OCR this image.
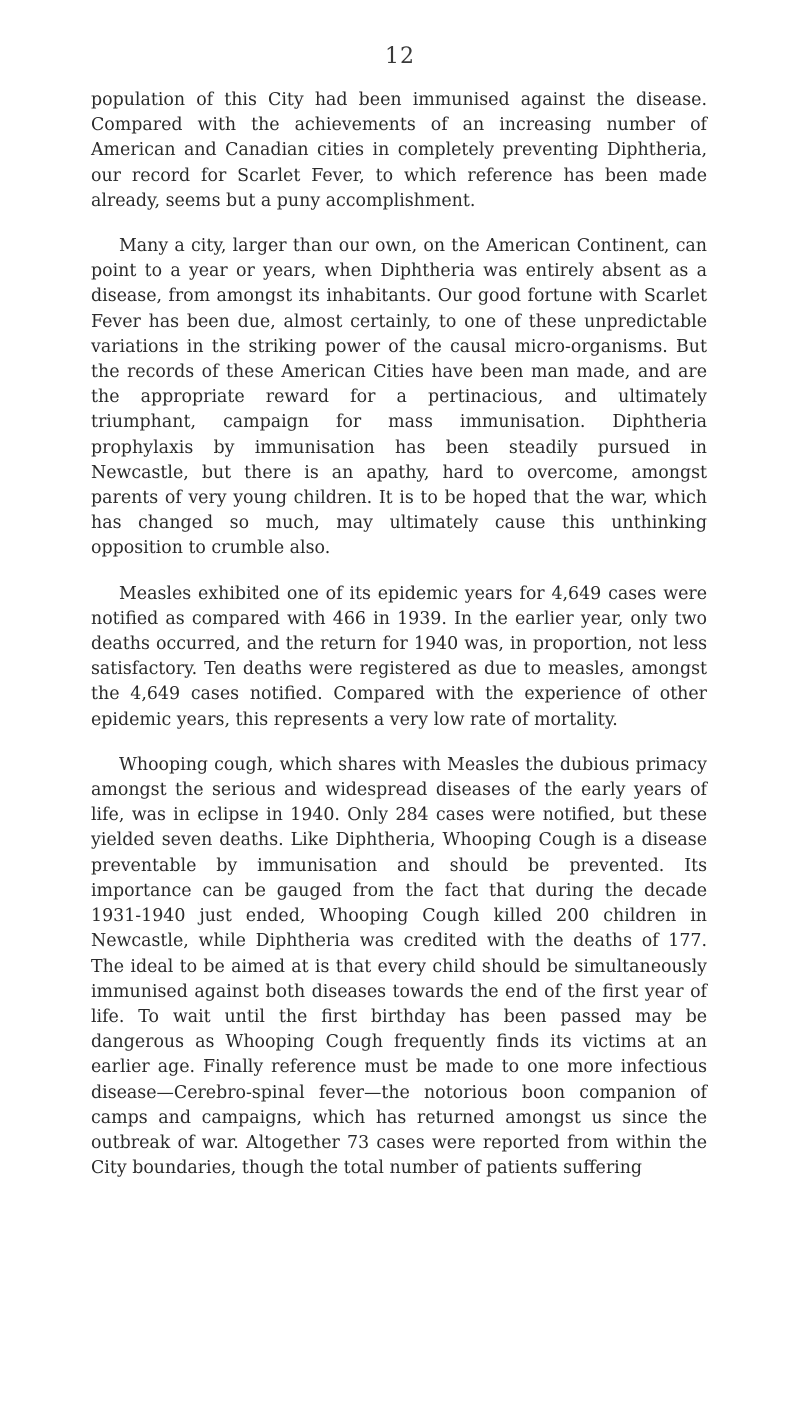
12

population of this City had been immunised against the disease. Compared with the achievements of an increasing number of American and Canadian cities in completely preventing Diphtheria, our record for Scarlet Fever, to which reference has been made already, seems but a puny accomplishment.

Many a city, larger than our own, on the American Continent, can point to a year or years, when Diphtheria was entirely absent as a disease, from amongst its inhabitants. Our good fortune with Scarlet Fever has been due, almost certainly, to one of these unpredictable variations in the striking power of the causal micro-organisms. But the records of these American Cities have been man made, and are the appropriate reward for a pertinacious, and ultimately triumphant, campaign for mass immunisation. Diphtheria prophylaxis by immunisation has been steadily pursued in Newcastle, but there is an apathy, hard to overcome, amongst parents of very young children. It is to be hoped that the war, which has changed so much, may ultimately cause this unthinking opposition to crumble also.

Measles exhibited one of its epidemic years for 4,649 cases were notified as compared with 466 in 1939. In the earlier year, only two deaths occurred, and the return for 1940 was, in proportion, not less satisfactory. Ten deaths were registered as due to measles, amongst the 4,649 cases notified. Compared with the experience of other epidemic years, this represents a very low rate of mortality.

Whooping cough, which shares with Measles the dubious primacy amongst the serious and widespread diseases of the early years of life, was in eclipse in 1940. Only 284 cases were notified, but these yielded seven deaths. Like Diphtheria, Whooping Cough is a disease preventable by immunisation and should be prevented. Its importance can be gauged from the fact that during the decade 1931-1940 just ended, Whooping Cough killed 200 children in Newcastle, while Diphtheria was credited with the deaths of 177. The ideal to be aimed at is that every child should be simultaneously immunised against both diseases towards the end of the first year of life. To wait until the first birthday has been passed may be dangerous as Whooping Cough frequently finds its victims at an earlier age. Finally reference must be made to one more infectious disease—Cerebro-spinal fever—the notorious boon companion of camps and campaigns, which has returned amongst us since the outbreak of war. Altogether 73 cases were reported from within the City boundaries, though the total number of patients suffering
